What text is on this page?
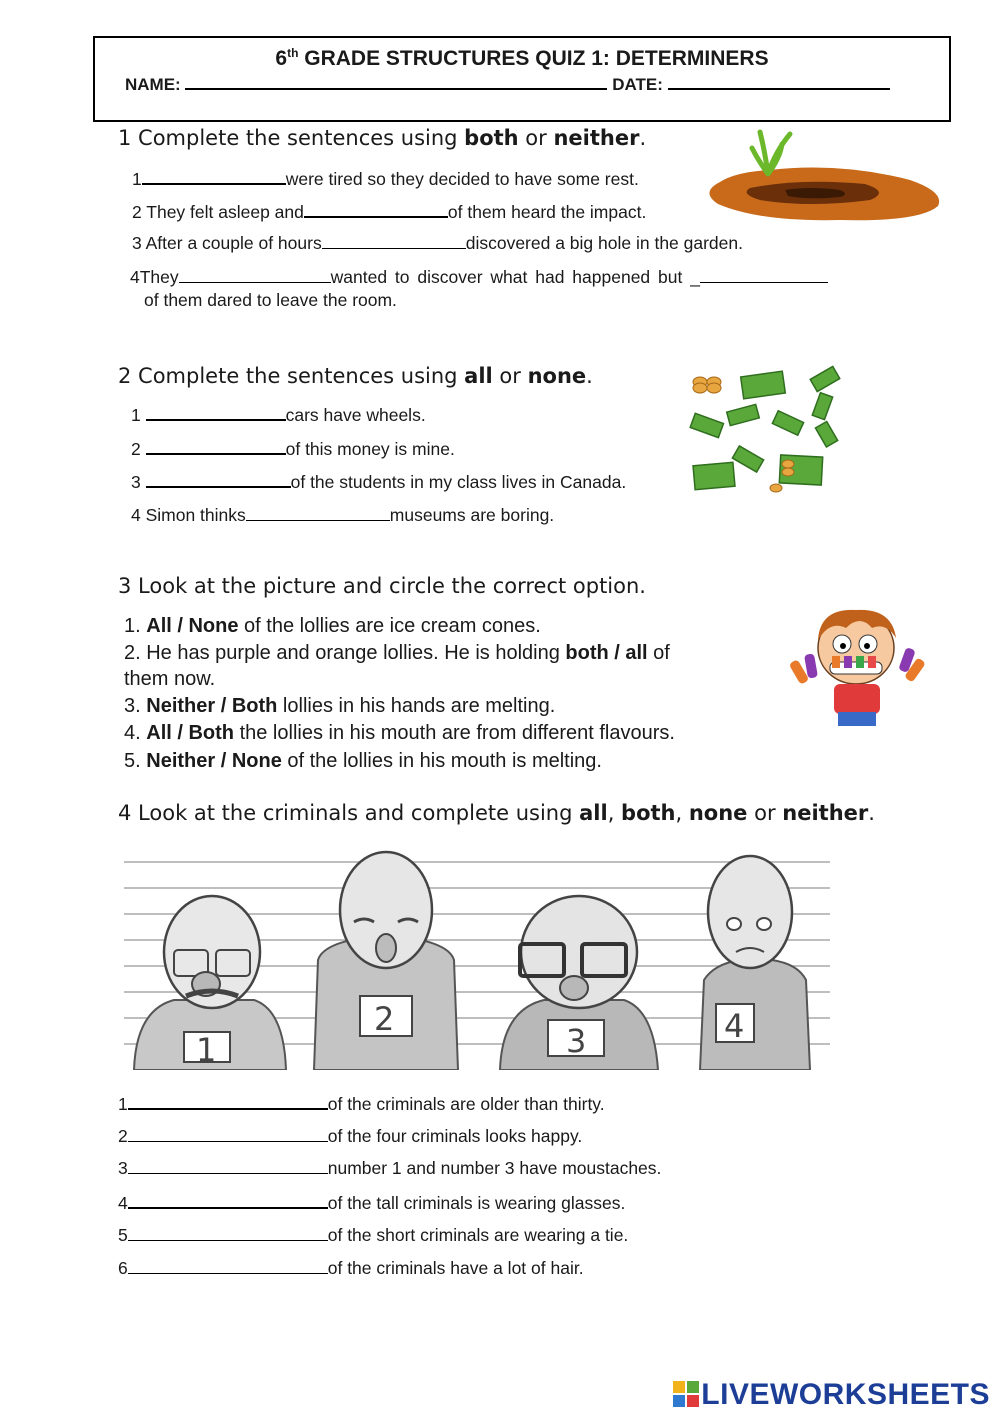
6th GRADE STRUCTURES QUIZ 1: DETERMINERS
NAME:	DATE:
1 Complete the sentences using both or neither.
1	were tired so they decided to have some rest.
2 They felt asleep and	of them heard the impact.
3 After a couple of hours	discovered a big hole in the garden.
4They	wanted to discover what had happened but _
of them dared to leave the room.
2 Complete the sentences using all or none.
1	cars have wheels.
2	of this money is mine.
3	of the students in my class lives in Canada.
4 Simon thinks	museums are boring.
3 Look at the picture and circle the correct option.
1. All / None of the lollies are ice cream cones.
2. He has purple and orange lollies. He is holding both / all of
them now.
3. Neither / Both lollies in his hands are melting.
4. All / Both the lollies in his mouth are from different flavours.
5. Neither / None of the lollies in his mouth is melting.
4 Look at the criminals and complete using all, both, none or neither.
1
2
3	4
1	of the criminals are older than thirty.
2	of the four criminals looks happy.
3	number 1 and number 3 have moustaches.
4	of the tall criminals is wearing glasses.
5	of the short criminals are wearing a tie.
6	of the criminals have a lot of hair.
LIVEWORKSHEETS
